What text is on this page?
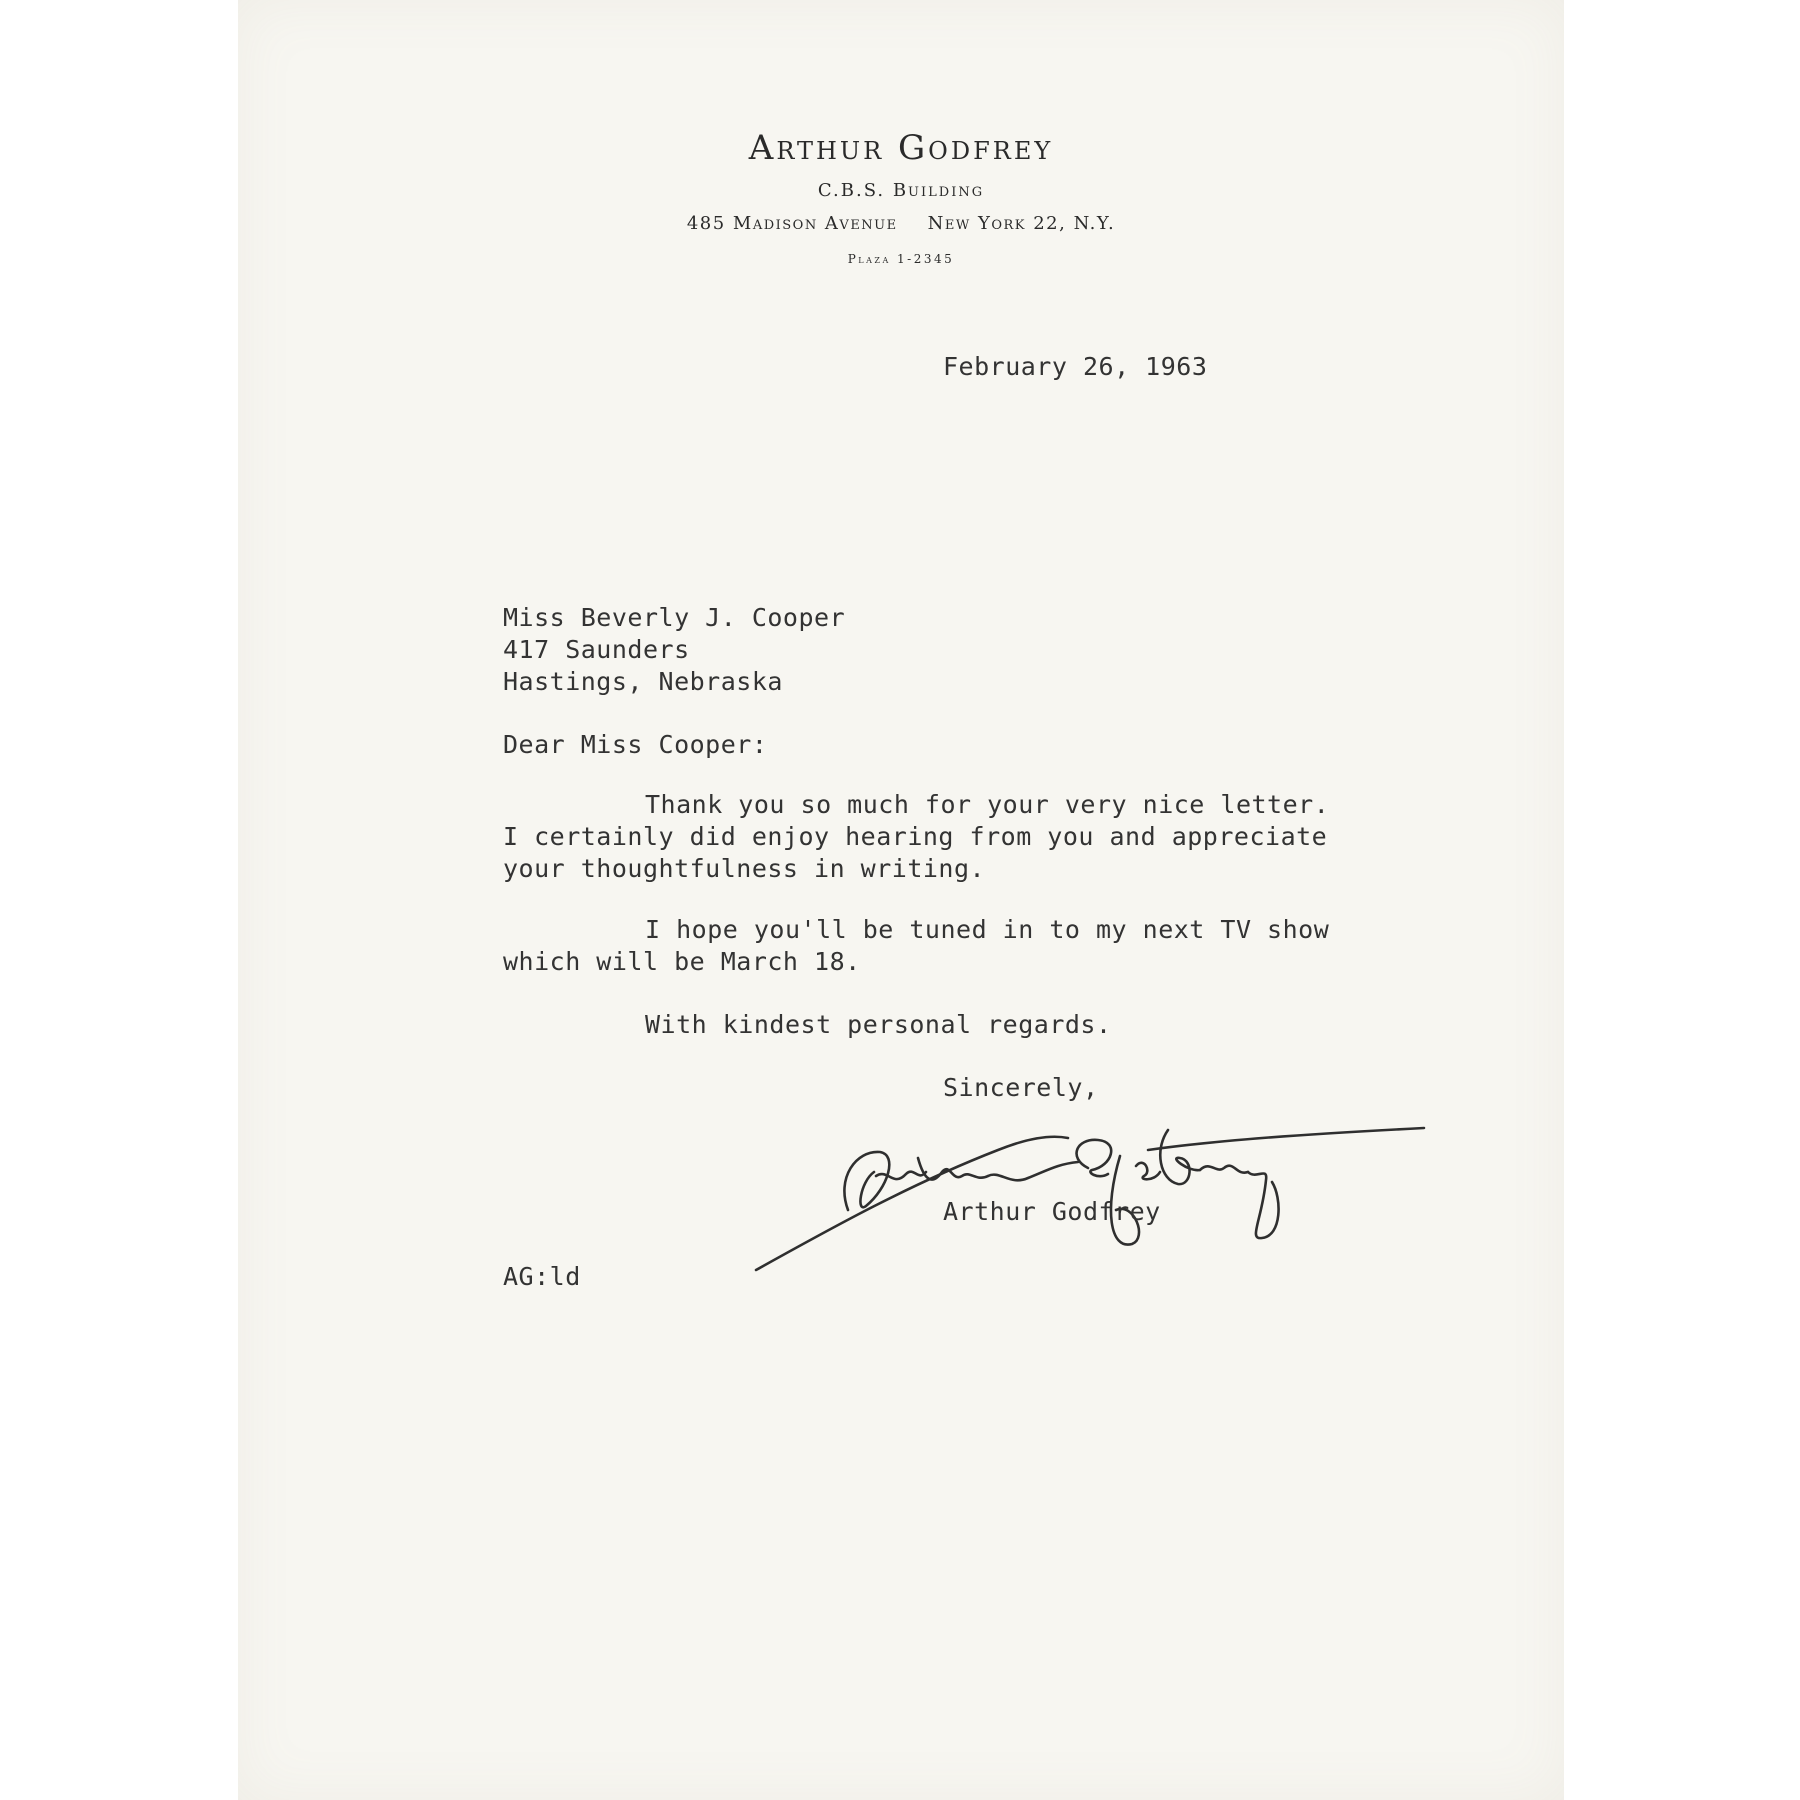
Arthur Godfrey
C.B.S. Building
485 Madison Avenue New York 22, N.Y.
Plaza 1-2345
February 26, 1963
Miss Beverly J. Cooper
417 Saunders
Hastings, Nebraska
Dear Miss Cooper:
Thank you so much for your very nice letter.
I certainly did enjoy hearing from you and appreciate
your thoughtfulness in writing.
I hope you'll be tuned in to my next TV show
which will be March 18.
With kindest personal regards.
Sincerely,
Arthur Godfrey
AG:ld
